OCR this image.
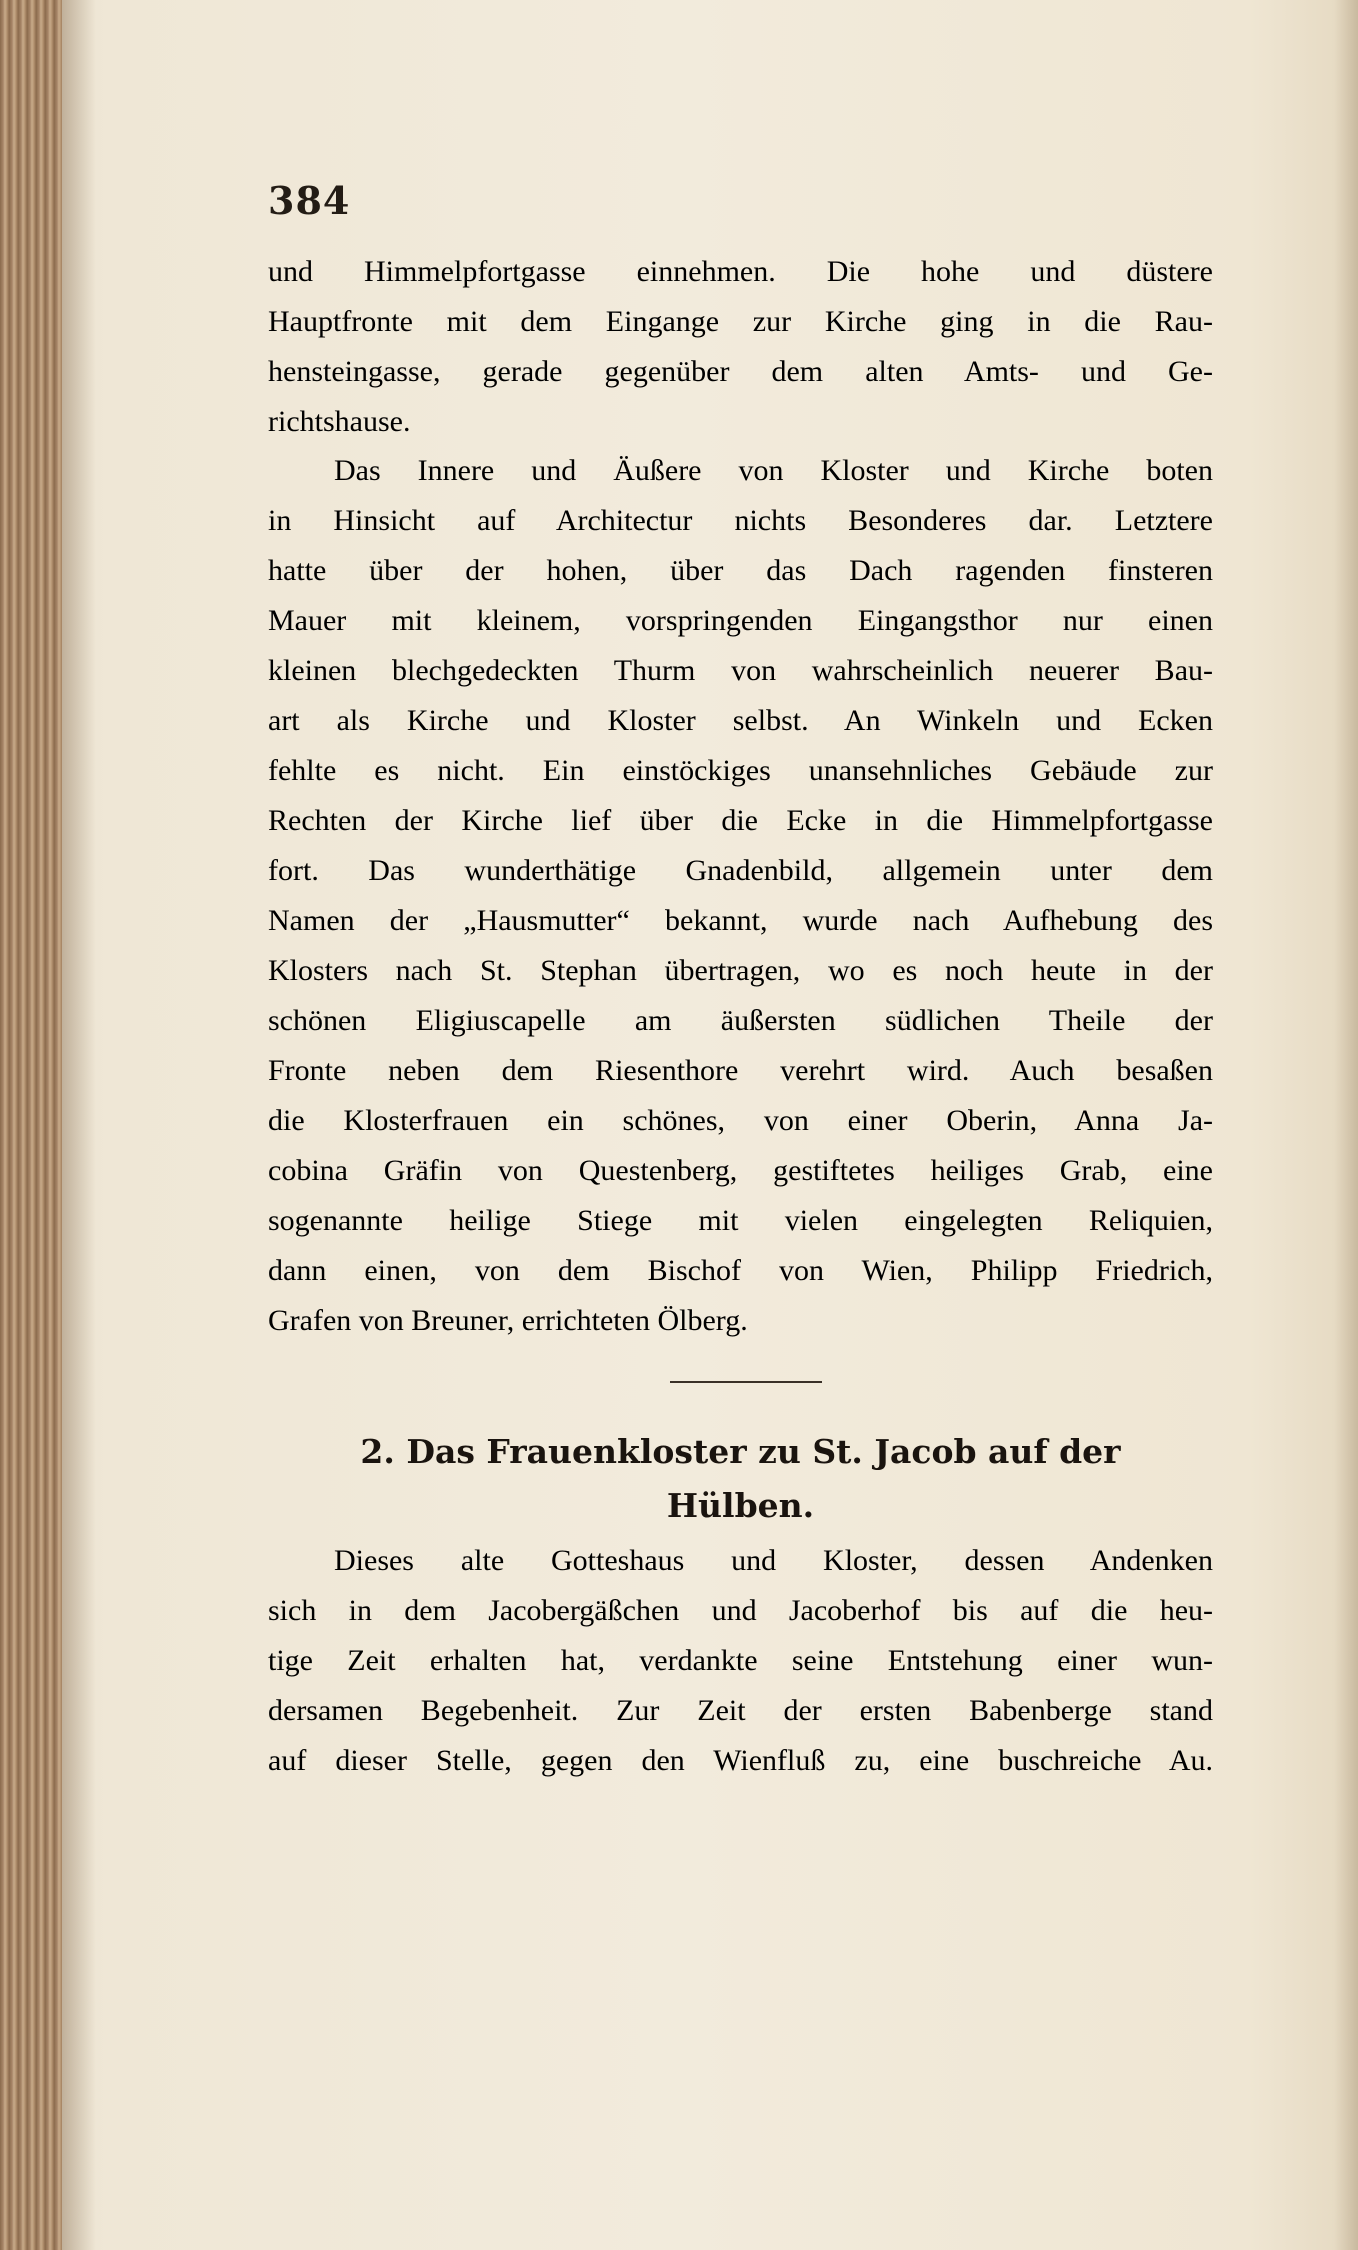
384
und Himmelpfortgasse einnehmen. Die hohe und düstere
Hauptfronte mit dem Eingange zur Kirche ging in die Rau-
hensteingasse, gerade gegenüber dem alten Amts- und Ge-
richtshause.
Das Innere und Äußere von Kloster und Kirche boten
in Hinsicht auf Architectur nichts Besonderes dar. Letztere
hatte über der hohen, über das Dach ragenden finsteren
Mauer mit kleinem, vorspringenden Eingangsthor nur einen
kleinen blechgedeckten Thurm von wahrscheinlich neuerer Bau-
art als Kirche und Kloster selbst. An Winkeln und Ecken
fehlte es nicht. Ein einstöckiges unansehnliches Gebäude zur
Rechten der Kirche lief über die Ecke in die Himmelpfortgasse
fort. Das wunderthätige Gnadenbild, allgemein unter dem
Namen der „Hausmutter“ bekannt, wurde nach Aufhebung des
Klosters nach St. Stephan übertragen, wo es noch heute in der
schönen Eligiuscapelle am äußersten südlichen Theile der
Fronte neben dem Riesenthore verehrt wird. Auch besaßen
die Klosterfrauen ein schönes, von einer Oberin, Anna Ja-
cobina Gräfin von Questenberg, gestiftetes heiliges Grab, eine
sogenannte heilige Stiege mit vielen eingelegten Reliquien,
dann einen, von dem Bischof von Wien, Philipp Friedrich,
Grafen von Breuner, errichteten Ölberg.
2. Das Frauenkloster zu St. Jacob auf der
Hülben.
Dieses alte Gotteshaus und Kloster, dessen Andenken
sich in dem Jacobergäßchen und Jacoberhof bis auf die heu-
tige Zeit erhalten hat, verdankte seine Entstehung einer wun-
dersamen Begebenheit. Zur Zeit der ersten Babenberge stand
auf dieser Stelle, gegen den Wienfluß zu, eine buschreiche Au.
